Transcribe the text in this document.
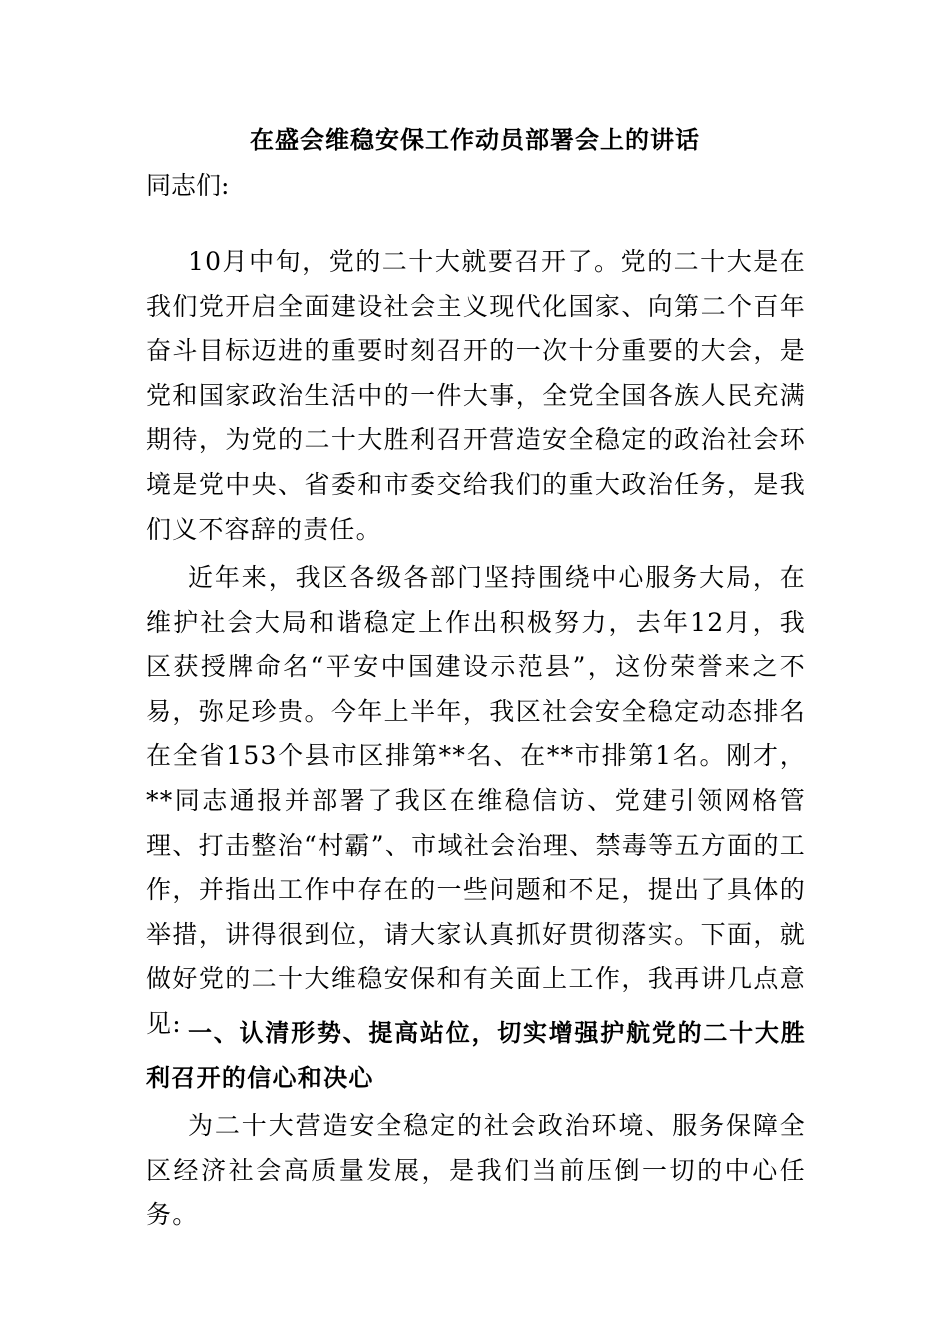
在盛会维稳安保工作动员部署会上的讲话
同志们:

10月中旬，党的二十大就要召开了。党的二十大是在我们党开启全面建设社会主义现代化国家、向第二个百年奋斗目标迈进的重要时刻召开的一次十分重要的大会，是党和国家政治生活中的一件大事，全党全国各族人民充满期待，为党的二十大胜利召开营造安全稳定的政治社会环境是党中央、省委和市委交给我们的重大政治任务，是我们义不容辞的责任。

近年来，我区各级各部门坚持围绕中心服务大局，在维护社会大局和谐稳定上作出积极努力，去年12月，我区获授牌命名“平安中国建设示范县”，这份荣誉来之不易，弥足珍贵。今年上半年，我区社会安全稳定动态排名在全省153个县市区排第**名、在**市排第1名。刚才，**同志通报并部署了我区在维稳信访、党建引领网格管理、打击整治“村霸”、市域社会治理、禁毒等五方面的工作，并指出工作中存在的一些问题和不足，提出了具体的举措，讲得很到位，请大家认真抓好贯彻落实。下面，就做好党的二十大维稳安保和有关面上工作，我再讲几点意见: 一、认清形势、提高站位，切实增强护航党的二十大胜利召开的信心和决心

为二十大营造安全稳定的社会政治环境、服务保障全区经济社会高质量发展，是我们当前压倒一切的中心任务。
